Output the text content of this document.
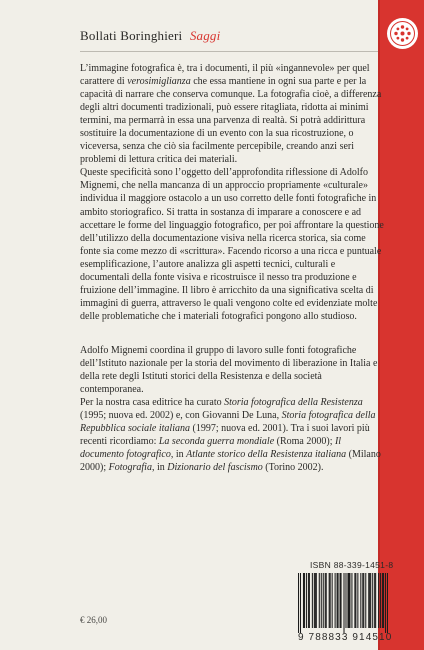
Bollati Boringhieri Saggi

L’immagine fotografica è, tra i documenti, il più «ingannevole» per quel carattere di verosimiglianza che essa mantiene in ogni sua parte e per la capacità di narrare che conserva comunque. La fotografia cioè, a differenza degli altri documenti tradizionali, può essere ritagliata, ridotta ai minimi termini, ma permarrà in essa una parvenza di realtà. Si potrà addirittura sostituire la documentazione di un evento con la sua ricostruzione, o viceversa, senza che ciò sia facilmente percepibile, creando anzi seri problemi di lettura critica dei materiali.

Queste specificità sono l’oggetto dell’approfondita riflessione di Adolfo Mignemi, che nella mancanza di un approccio propriamente «culturale» individua il maggiore ostacolo a un uso corretto delle fonti fotografiche in ambito storiografico. Si tratta in sostanza di imparare a conoscere e ad accettare le forme del linguaggio fotografico, per poi affrontare la questione dell’utilizzo della documentazione visiva nella ricerca storica, sia come fonte sia come mezzo di «scrittura». Facendo ricorso a una ricca e puntuale esemplificazione, l’autore analizza gli aspetti tecnici, culturali e documentali della fonte visiva e ricostruisce il nesso tra produzione e fruizione dell’immagine. Il libro è arricchito da una significativa scelta di immagini di guerra, attraverso le quali vengono colte ed evidenziate molte delle problematiche che i materiali fotografici pongono allo studioso.

Adolfo Mignemi coordina il gruppo di lavoro sulle fonti fotografiche dell’Istituto nazionale per la storia del movimento di liberazione in Italia e della rete degli Istituti storici della Resistenza e della società contemporanea.

Per la nostra casa editrice ha curato Storia fotografica della Resistenza (1995; nuova ed. 2002) e, con Giovanni De Luna, Storia fotografica della Repubblica sociale italiana (1997; nuova ed. 2001). Tra i suoi lavori più recenti ricordiamo: La seconda guerra mondiale (Roma 2000); Il documento fotografico, in Atlante storico della Resistenza italiana (Milano 2000); Fotografia, in Dizionario del fascismo (Torino 2002).

ISBN 88-339-1451-8
9 788833 914510
€ 26,00
